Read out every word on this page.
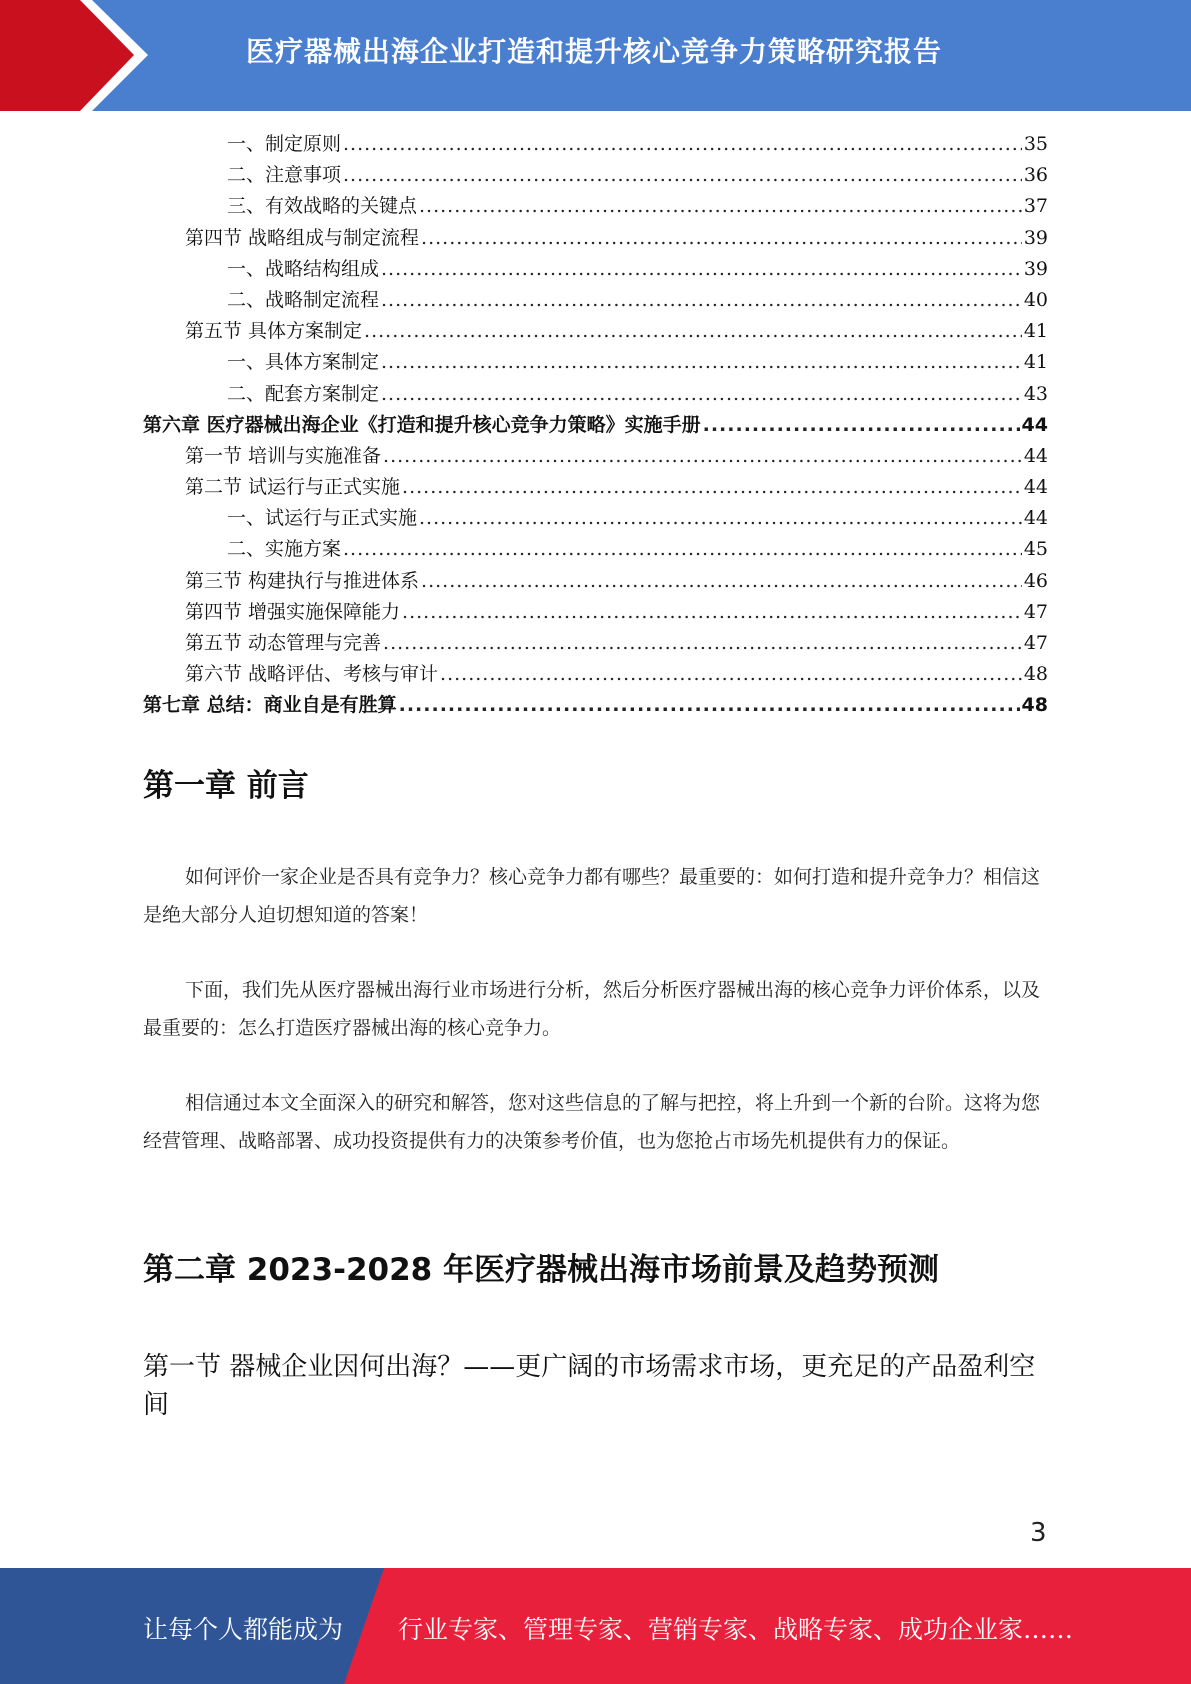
医疗器械出海企业打造和提升核心竞争力策略研究报告
一、制定原则 .....	35
二、注意事项 .....	36
三、有效战略的关键点 .....	37
第四节 战略组成与制定流程 .....	39
一、战略结构组成 .....	39
二、战略制定流程 .....	40
第五节 具体方案制定 .....	41
一、具体方案制定 .....	41
二、配套方案制定 .....	43
第六章 医疗器械出海企业《打造和提升核心竞争力策略》实施手册 .....	44
第一节 培训与实施准备 .....	44
第二节 试运行与正式实施 .....	44
一、试运行与正式实施 .....	44
二、实施方案 .....	45
第三节 构建执行与推进体系 .....	46
第四节 增强实施保障能力 .....	47
第五节 动态管理与完善 .....	47
第六节 战略评估、考核与审计 .....	48
第七章 总结：商业自是有胜算 .....	48
第一章 前言
如何评价一家企业是否具有竞争力？核心竞争力都有哪些？最重要的：如何打造和提升竞争力？相信这是绝大部分人迫切想知道的答案！
下面，我们先从医疗器械出海行业市场进行分析，然后分析医疗器械出海的核心竞争力评价体系，以及最重要的：怎么打造医疗器械出海的核心竞争力。
相信通过本文全面深入的研究和解答，您对这些信息的了解与把控，将上升到一个新的台阶。这将为您经营管理、战略部署、成功投资提供有力的决策参考价值，也为您抢占市场先机提供有力的保证。
第二章 2023-2028 年医疗器械出海市场前景及趋势预测
第一节 器械企业因何出海？——更广阔的市场需求市场，更充足的产品盈利空间
3
让每个人都能成为 行业专家、管理专家、营销专家、战略专家、成功企业家……
